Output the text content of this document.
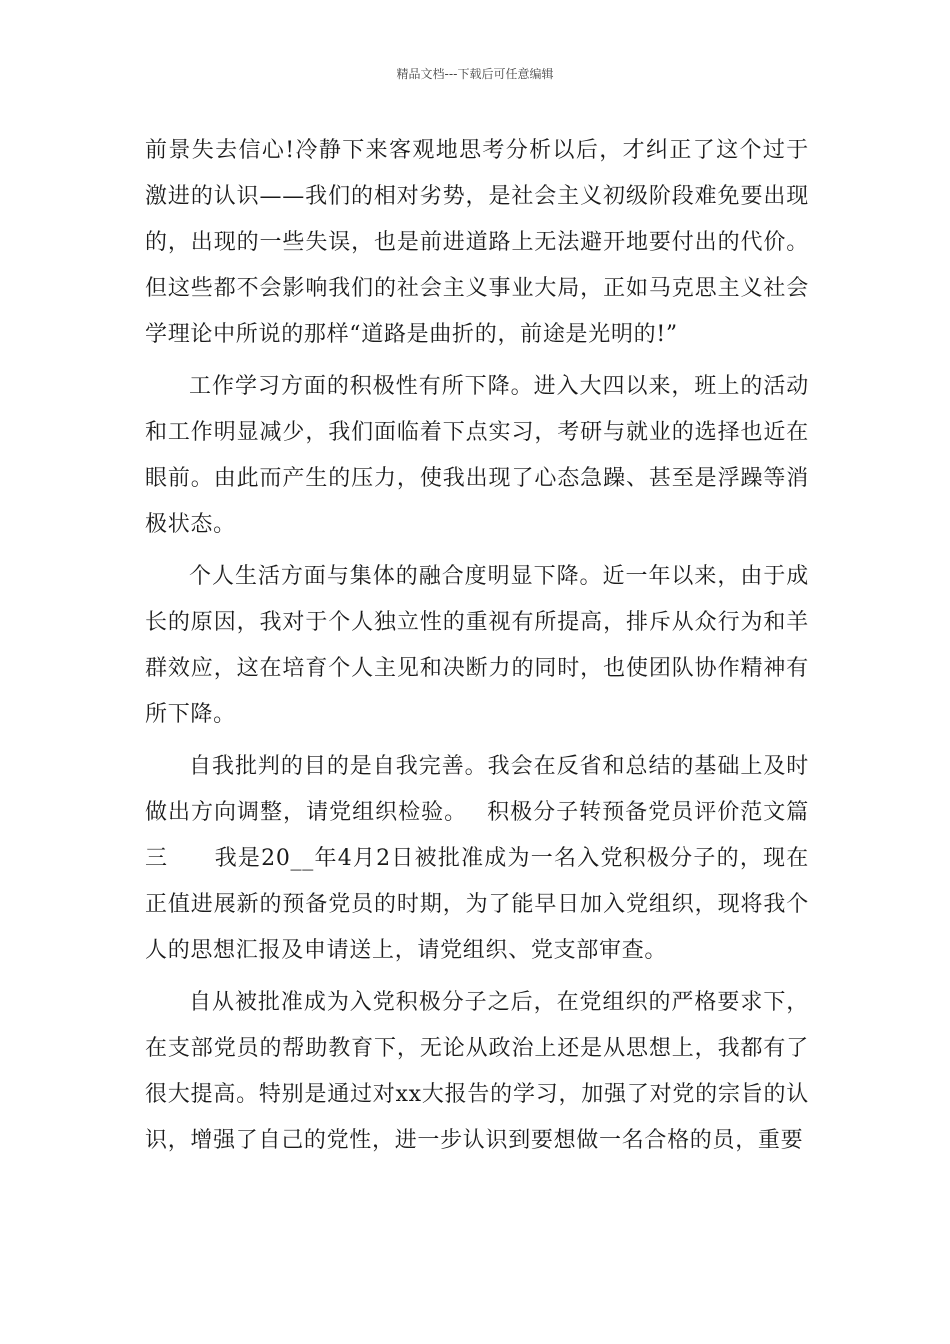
精品文档---下载后可任意编辑

前景失去信心!冷静下来客观地思考分析以后，才纠正了这个过于激进的认识——我们的相对劣势，是社会主义初级阶段难免要出现的，出现的一些失误，也是前进道路上无法避开地要付出的代价。但这些都不会影响我们的社会主义事业大局，正如马克思主义社会学理论中所说的那样“道路是曲折的，前途是光明的!”

工作学习方面的积极性有所下降。进入大四以来，班上的活动和工作明显减少，我们面临着下点实习，考研与就业的选择也近在眼前。由此而产生的压力，使我出现了心态急躁、甚至是浮躁等消极状态。

个人生活方面与集体的融合度明显下降。近一年以来，由于成长的原因，我对于个人独立性的重视有所提高，排斥从众行为和羊群效应，这在培育个人主见和决断力的同时，也使团队协作精神有所下降。

自我批判的目的是自我完善。我会在反省和总结的基础上及时做出方向调整，请党组织检验。　 积极分子转预备党员评价范文篇三　　我是20__年4月2日被批准成为一名入党积极分子的，现在正值进展新的预备党员的时期，为了能早日加入党组织，现将我个人的思想汇报及申请送上，请党组织、党支部审查。

自从被批准成为入党积极分子之后，在党组织的严格要求下，在支部党员的帮助教育下，无论从政治上还是从思想上，我都有了很大提高。特别是通过对xx大报告的学习，加强了对党的宗旨的认识，增强了自己的党性，进一步认识到要想做一名合格的员，重要
